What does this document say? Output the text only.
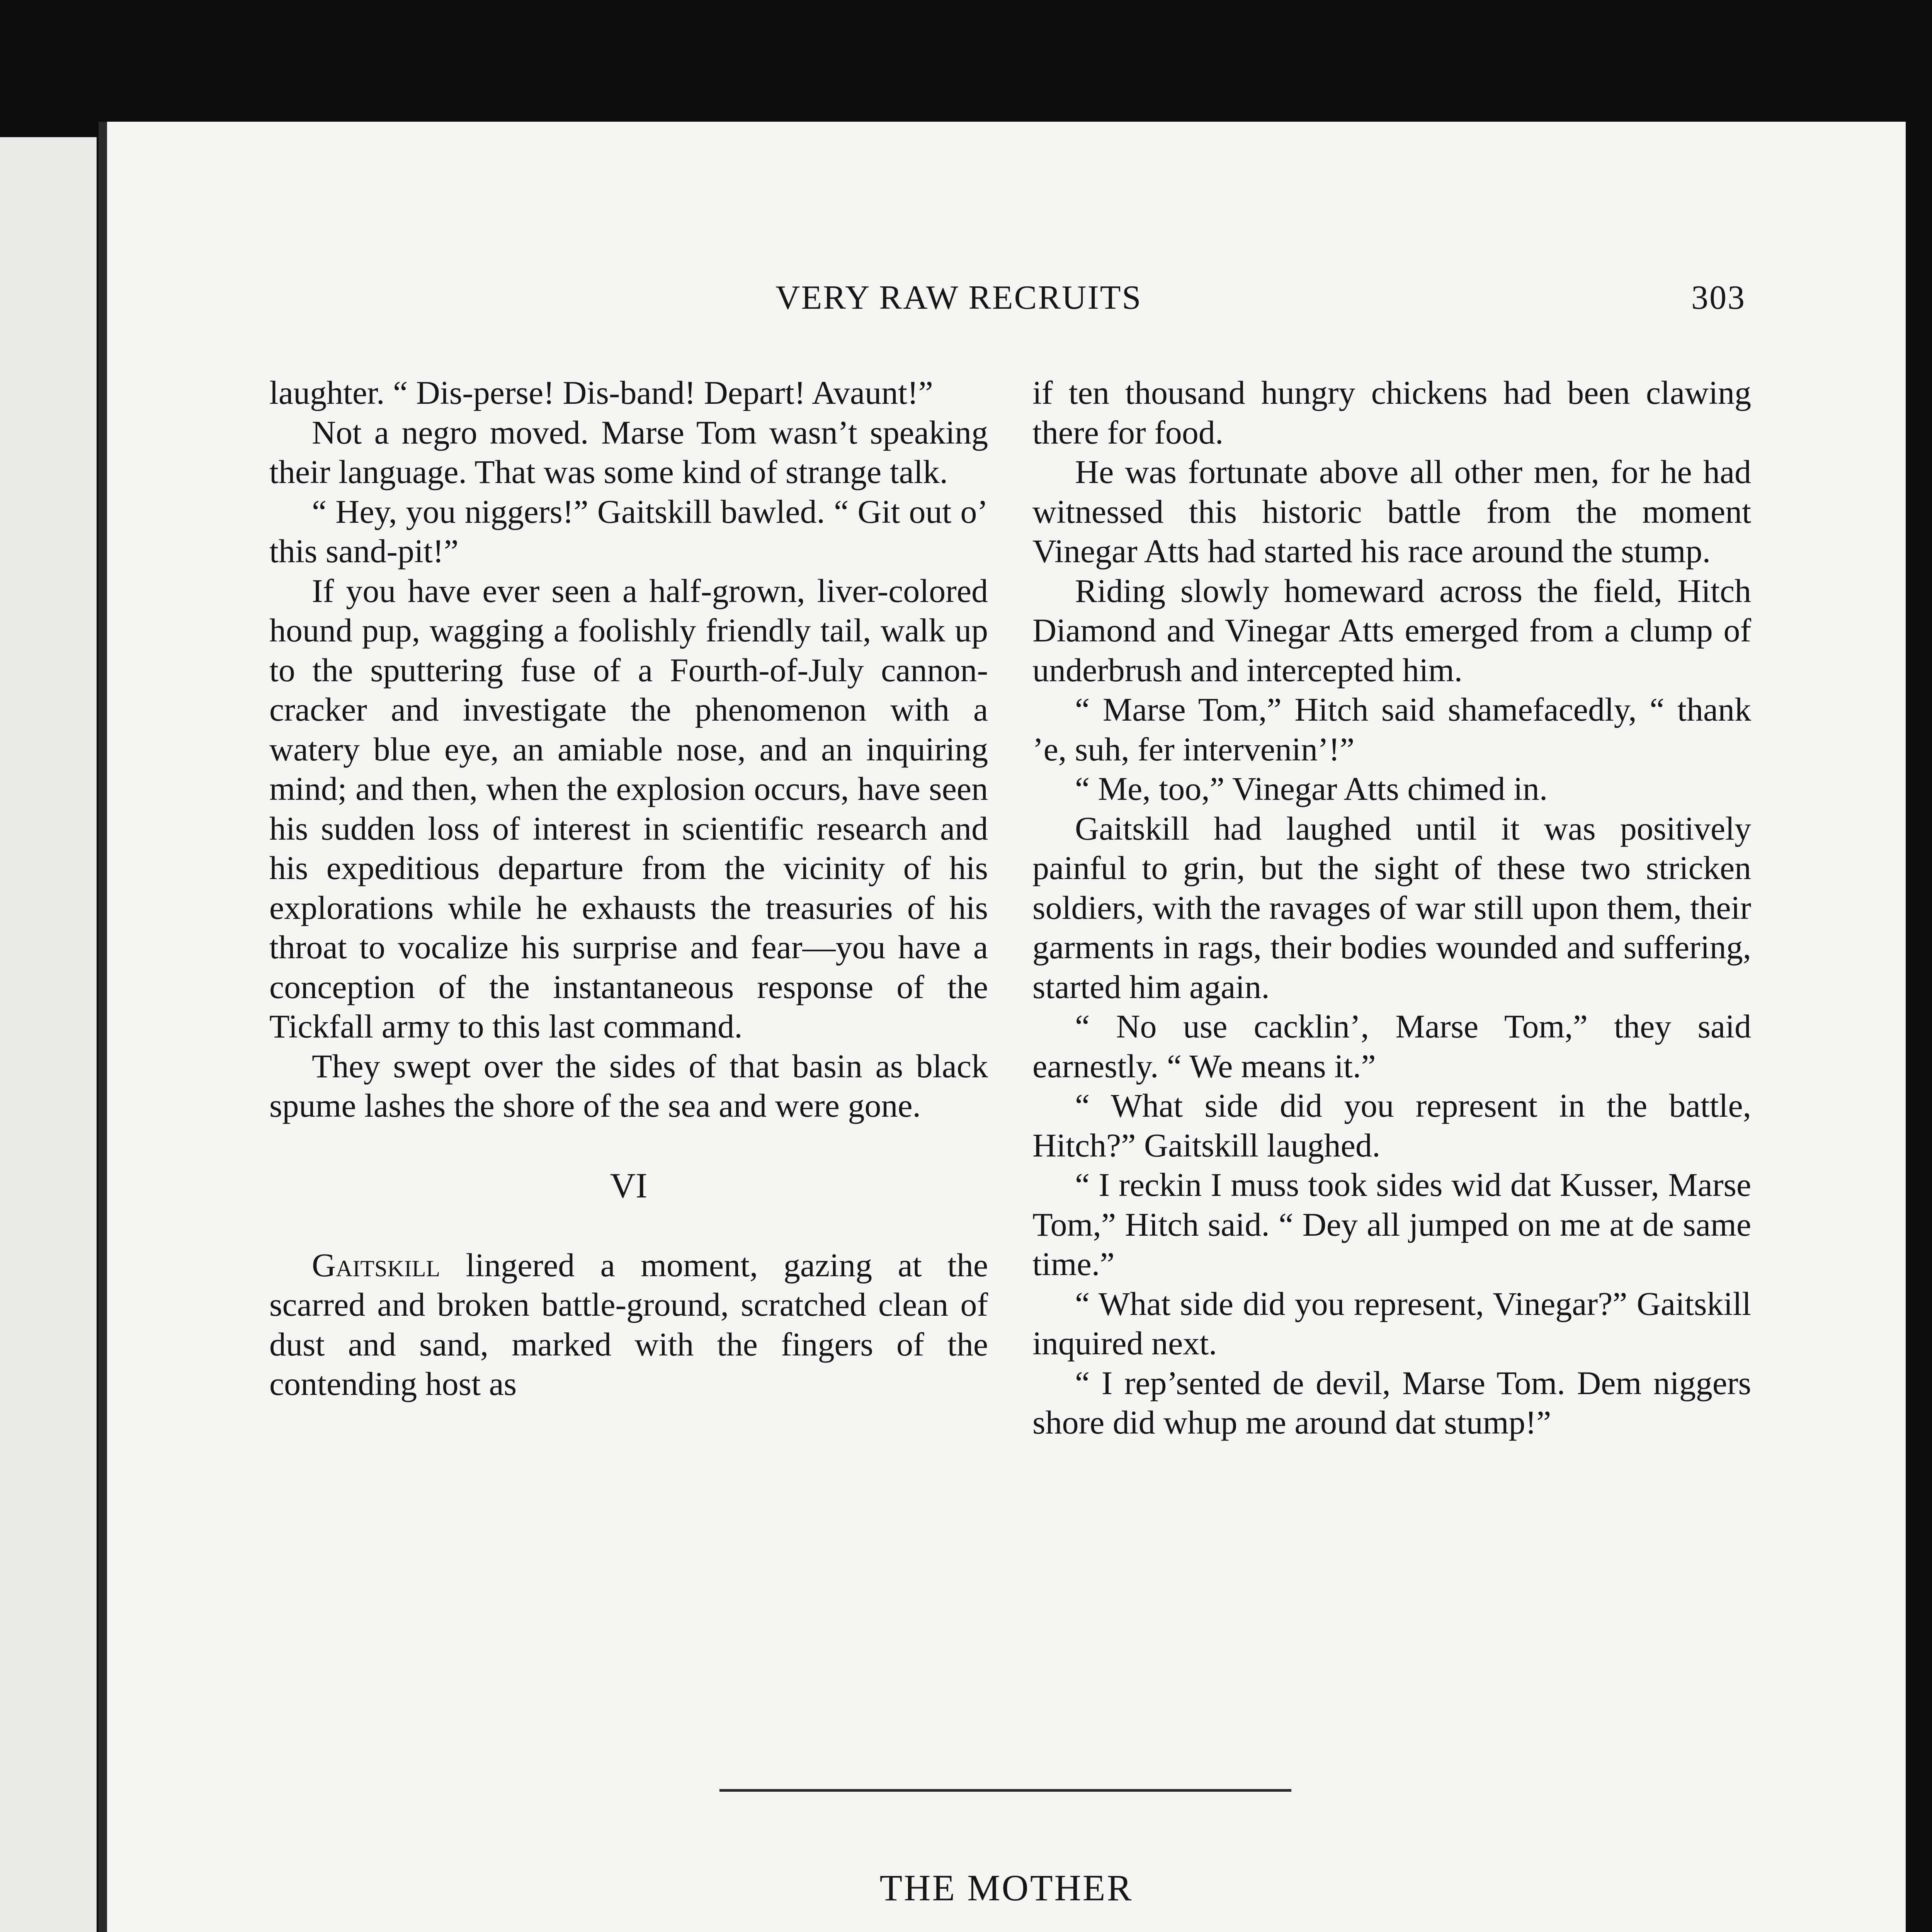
VERY RAW RECRUITS	303

laughter. “ Dis-perse! Dis-band! Depart! Avaunt!”

Not a negro moved. Marse Tom wasn’t speaking their language. That was some kind of strange talk.

“ Hey, you niggers!” Gaitskill bawled. “ Git out o’ this sand-pit!”

If you have ever seen a half-grown, liver-colored hound pup, wagging a foolishly friendly tail, walk up to the sputtering fuse of a Fourth-of-July cannoncracker and investigate the phenomenon with a watery blue eye, an amiable nose, and an inquiring mind; and then, when the explosion occurs, have seen his sudden loss of interest in scientific research and his expeditious departure from the vicinity of his explorations while he exhausts the treasuries of his throat to vocalize his surprise and fear—you have a conception of the instantaneous response of the Tickfall army to this last command.

They swept over the sides of that basin as black spume lashes the shore of the sea and were gone.

VI

Gaitskill lingered a moment, gazing at the scarred and broken battle-ground, scratched clean of dust and sand, marked with the fingers of the contending host as

if ten thousand hungry chickens had been clawing there for food.

He was fortunate above all other men, for he had witnessed this historic battle from the moment Vinegar Atts had started his race around the stump.

Riding slowly homeward across the field, Hitch Diamond and Vinegar Atts emerged from a clump of underbrush and intercepted him.

“ Marse Tom,” Hitch said shamefacedly, “ thank ’e, suh, fer intervenin’!”

“ Me, too,” Vinegar Atts chimed in.

Gaitskill had laughed until it was positively painful to grin, but the sight of these two stricken soldiers, with the ravages of war still upon them, their garments in rags, their bodies wounded and suffering, started him again.

“ No use cacklin’, Marse Tom,” they said earnestly. “ We means it.”

“ What side did you represent in the battle, Hitch?” Gaitskill laughed.

“ I reckin I muss took sides wid dat Kusser, Marse Tom,” Hitch said. “ Dey all jumped on me at de same time.”

“ What side did you represent, Vinegar?” Gaitskill inquired next.

“ I rep’sented de devil, Marse Tom. Dem niggers shore did whup me around dat stump!”

THE MOTHER
